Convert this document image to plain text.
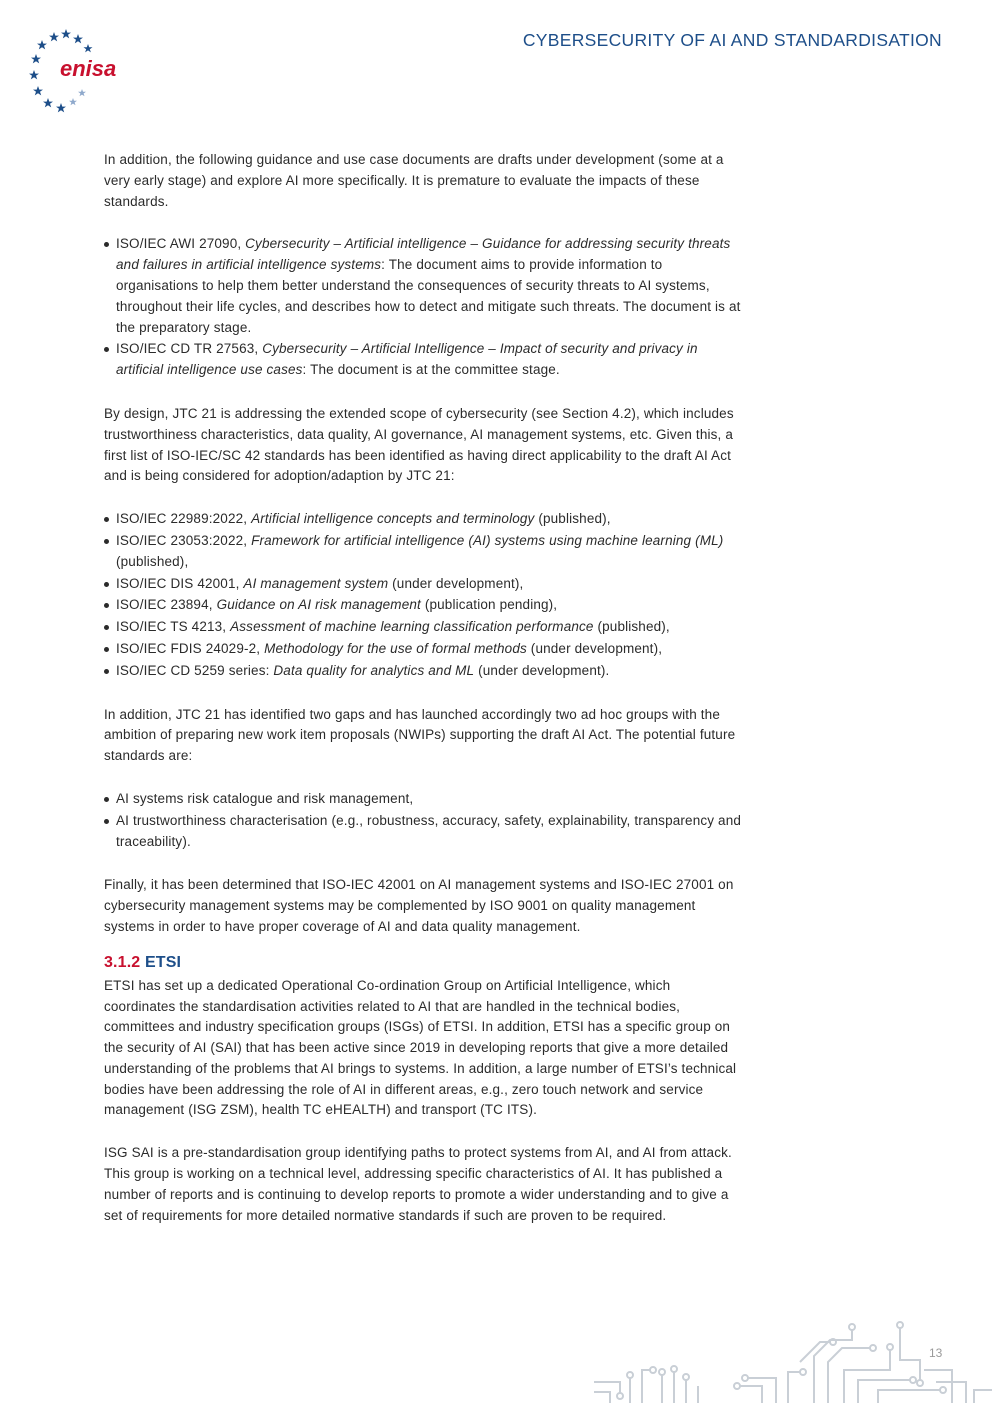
enisa
CYBERSECURITY OF AI AND STANDARDISATION

In addition, the following guidance and use case documents are drafts under development (some at a very early stage) and explore AI more specifically. It is premature to evaluate the impacts of these standards.

ISO/IEC AWI 27090, Cybersecurity – Artificial intelligence – Guidance for addressing security threats and failures in artificial intelligence systems: The document aims to provide information to organisations to help them better understand the consequences of security threats to AI systems, throughout their life cycles, and describes how to detect and mitigate such threats. The document is at the preparatory stage.
ISO/IEC CD TR 27563, Cybersecurity – Artificial Intelligence – Impact of security and privacy in artificial intelligence use cases: The document is at the committee stage.

By design, JTC 21 is addressing the extended scope of cybersecurity (see Section 4.2), which includes trustworthiness characteristics, data quality, AI governance, AI management systems, etc. Given this, a first list of ISO-IEC/SC 42 standards has been identified as having direct applicability to the draft AI Act and is being considered for adoption/adaption by JTC 21:

ISO/IEC 22989:2022, Artificial intelligence concepts and terminology (published),
ISO/IEC 23053:2022, Framework for artificial intelligence (AI) systems using machine learning (ML) (published),
ISO/IEC DIS 42001, AI management system (under development),
ISO/IEC 23894, Guidance on AI risk management (publication pending),
ISO/IEC TS 4213, Assessment of machine learning classification performance (published),
ISO/IEC FDIS 24029-2, Methodology for the use of formal methods (under development),
ISO/IEC CD 5259 series: Data quality for analytics and ML (under development).

In addition, JTC 21 has identified two gaps and has launched accordingly two ad hoc groups with the ambition of preparing new work item proposals (NWIPs) supporting the draft AI Act. The potential future standards are:

AI systems risk catalogue and risk management,
AI trustworthiness characterisation (e.g., robustness, accuracy, safety, explainability, transparency and traceability).

Finally, it has been determined that ISO-IEC 42001 on AI management systems and ISO-IEC 27001 on cybersecurity management systems may be complemented by ISO 9001 on quality management systems in order to have proper coverage of AI and data quality management.

3.1.2 ETSI

ETSI has set up a dedicated Operational Co-ordination Group on Artificial Intelligence, which coordinates the standardisation activities related to AI that are handled in the technical bodies, committees and industry specification groups (ISGs) of ETSI. In addition, ETSI has a specific group on the security of AI (SAI) that has been active since 2019 in developing reports that give a more detailed understanding of the problems that AI brings to systems. In addition, a large number of ETSI’s technical bodies have been addressing the role of AI in different areas, e.g., zero touch network and service management (ISG ZSM), health TC eHEALTH) and transport (TC ITS).

ISG SAI is a pre-standardisation group identifying paths to protect systems from AI, and AI from attack. This group is working on a technical level, addressing specific characteristics of AI. It has published a number of reports and is continuing to develop reports to promote a wider understanding and to give a set of requirements for more detailed normative standards if such are proven to be required.

13
